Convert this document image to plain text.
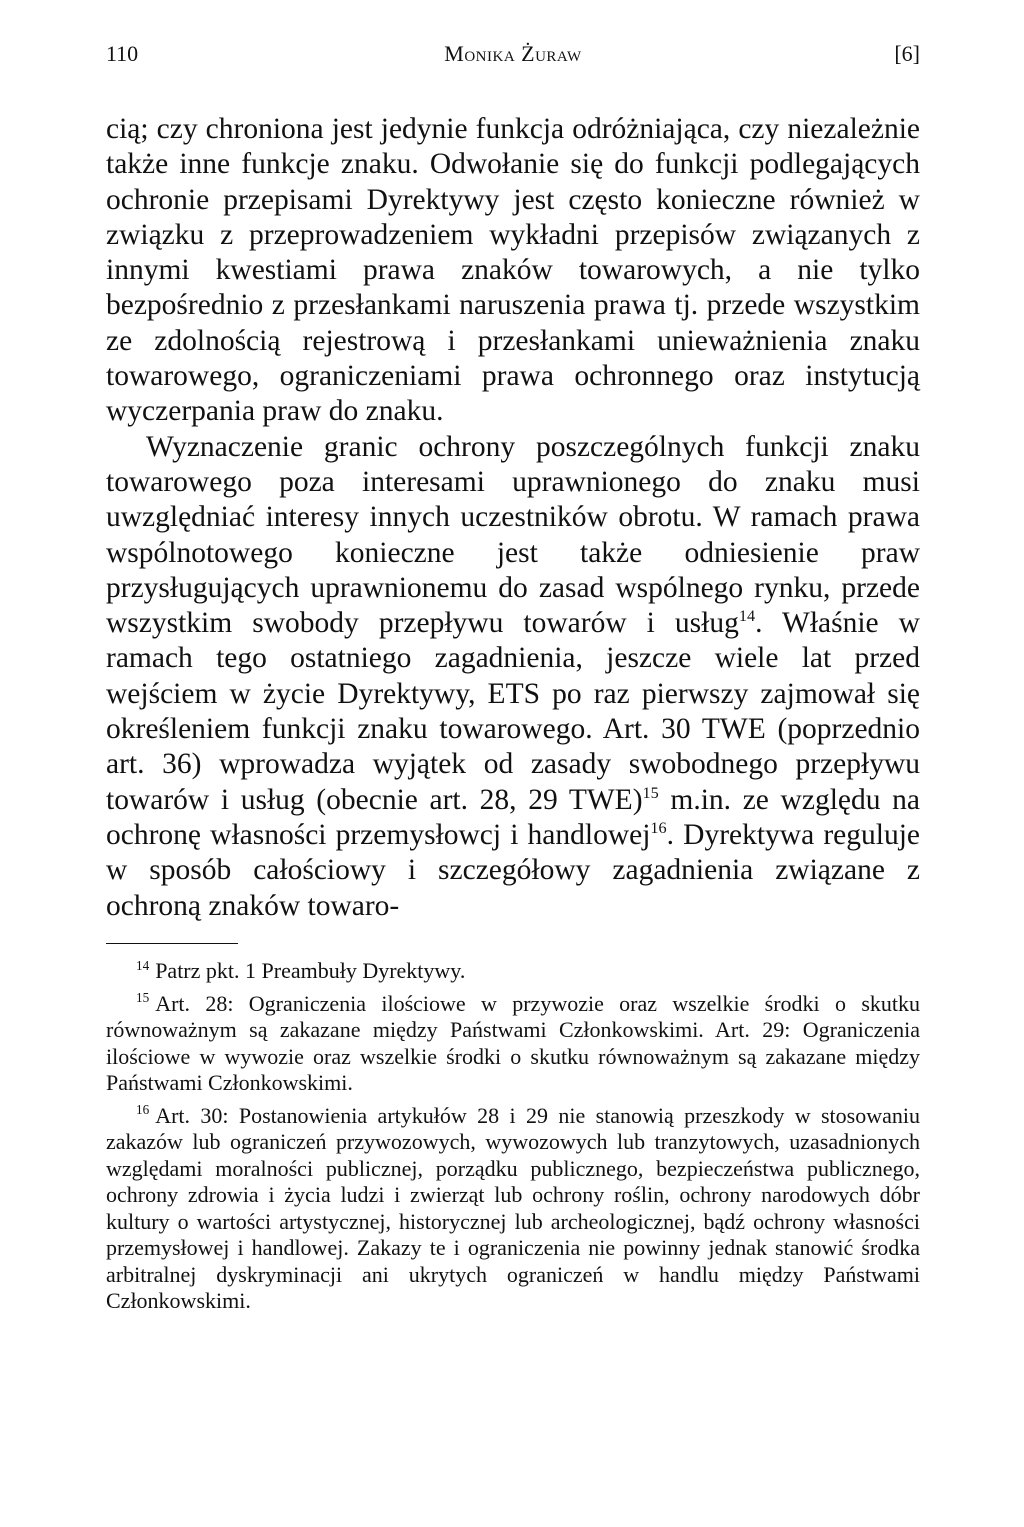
110	Monika Żuraw	[6]

cią; czy chroniona jest jedynie funkcja odróżniająca, czy niezależnie także inne funkcje znaku. Odwołanie się do funkcji podlegających ochronie przepisami Dyrektywy jest często konieczne również w związku z przeprowadzeniem wykładni przepisów związanych z innymi kwestiami prawa znaków towarowych, a nie tylko bezpośrednio z przesłankami naruszenia prawa tj. przede wszystkim ze zdolnością rejestrową i przesłankami unieważnienia znaku towarowego, ograniczeniami prawa ochronnego oraz instytucją wyczerpania praw do znaku.

Wyznaczenie granic ochrony poszczególnych funkcji znaku towarowego poza interesami uprawnionego do znaku musi uwzględniać interesy innych uczestników obrotu. W ramach prawa wspólnotowego konieczne jest także odniesienie praw przysługujących uprawnionemu do zasad wspólnego rynku, przede wszystkim swobody przepływu towarów i usług$^{14}$. Właśnie w ramach tego ostatniego zagadnienia, jeszcze wiele lat przed wejściem w życie Dyrektywy, ETS po raz pierwszy zajmował się określeniem funkcji znaku towarowego. Art. 30 TWE (poprzednio art. 36) wprowadza wyjątek od zasady swobodnego przepływu towarów i usług (obecnie art. 28, 29 TWE)$^{15}$ m.in. ze względu na ochronę własności przemysłowcj i handlowej$^{16}$. Dyrektywa reguluje w sposób całościowy i szczegółowy zagadnienia związane z ochroną znaków towaro-

$^{14}$ Patrz pkt. 1 Preambuły Dyrektywy.

$^{15}$ Art. 28: Ograniczenia ilościowe w przywozie oraz wszelkie środki o skutku równoważnym są zakazane między Państwami Członkowskimi. Art. 29: Ograniczenia ilościowe w wywozie oraz wszelkie środki o skutku równoważnym są zakazane między Państwami Członkowskimi.

$^{16}$ Art. 30: Postanowienia artykułów 28 i 29 nie stanowią przeszkody w stosowaniu zakazów lub ograniczeń przywozowych, wywozowych lub tranzytowych, uzasadnionych względami moralności publicznej, porządku publicznego, bezpieczeństwa publicznego, ochrony zdrowia i życia ludzi i zwierząt lub ochrony roślin, ochrony narodowych dóbr kultury o wartości artystycznej, historycznej lub archeologicznej, bądź ochrony własności przemysłowej i handlowej. Zakazy te i ograniczenia nie powinny jednak stanowić środka arbitralnej dyskryminacji ani ukrytych ograniczeń w handlu między Państwami Członkowskimi.
